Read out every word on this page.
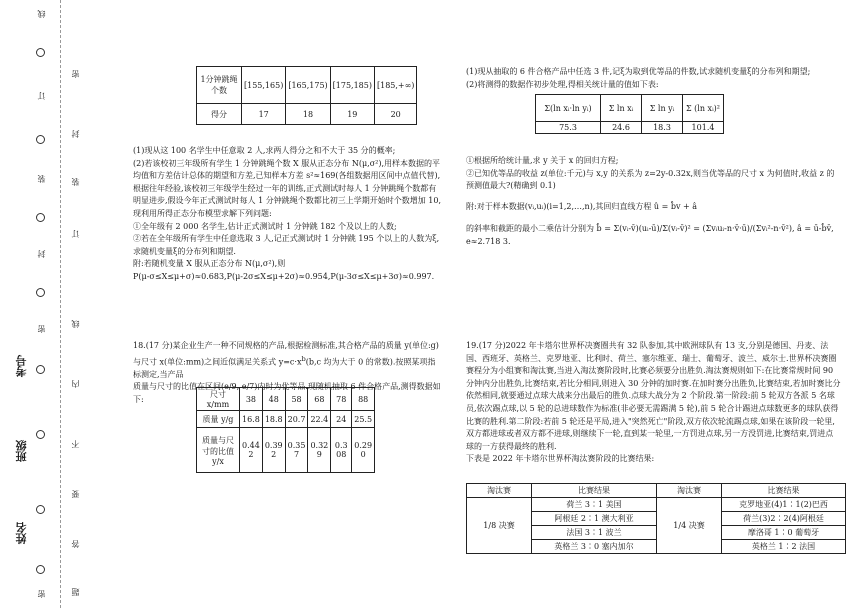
考号
班级
姓名
线
订
装
封
密
密
密
封
装
订
线
内
不
要
答
题
1分钟跳绳个数	[155,165)	[165,175)	[175,185)	[185,+∞)
得分	17	18	19	20

(1)现从这 100 名学生中任意取 2 人,求两人得分之和不大于 35 分的概率;

(2)若该校初三年级所有学生 1 分钟跳绳个数 X 服从正态分布 N(μ,σ²),用样本数据的平均值和方差估计总体的期望和方差,已知样本方差 s²≈169(各组数据用区间中点值代替),根据往年经验,该校初三年级学生经过一年的训练,正式测试时每人 1 分钟跳绳个数都有明显进步,假设今年正式测试时每人 1 分钟跳绳个数都比初三上学期开始时个数增加 10,现利用所得正态分布模型求解下列问题:

①全年级有 2 000 名学生,估计正式测试时 1 分钟跳 182 个及以上的人数;

②若在全年级所有学生中任意选取 3 人,记正式测试时 1 分钟跳 195 个以上的人数为ξ,求随机变量ξ的分布列和期望.

附:若随机变量 X 服从正态分布 N(μ,σ²),则

P(μ-σ≤X≤μ+σ)≈0.683,P(μ-2σ≤X≤μ+2σ)≈0.954,P(μ-3σ≤X≤μ+3σ)≈0.997.

18.(17 分)某企业生产一种不同规格的产品,根据检测标准,其合格产品的质量 y(单位:g)与尺寸 x(单位:mm)之间近似满足关系式 $y=c\cdot x^b(b,c$ 均为大于 0 的常数).按照某项指标测定,当产品

质量与尺寸的比值在区间(e/9, e/7)内时为优等品.现随机抽取 6 件合格产品,测得数据如下:

尺寸 x/mm	38	48	58	68	78	88
质量 y/g	16.8	18.8	20.7	22.4	24	25.5
质量与尺寸的比值y/x	0.442	0.392	0.357	0.329	0.308	0.290

(1)现从抽取的 6 件合格产品中任选 3 件,记ξ为取到优等品的件数,试求随机变量ξ的分布列和期望;

(2)将测得的数据作初步处理,得相关统计量的值如下表:

Σ(ln xᵢ·ln yᵢ)	Σ ln xᵢ	Σ ln yᵢ	Σ (ln xᵢ)²
75.3	24.6	18.3	101.4

①根据所给统计量,求 y 关于 x 的回归方程;

②已知优等品的收益 z(单位:千元)与 x,y 的关系为 z=2y-0.32x,则当优等品的尺寸 x 为何值时,收益 z 的预测值最大?(精确到 0.1)

附:对于样本数据(vᵢ,uᵢ)(i=1,2,…,n),其回归直线方程 û = b̂v + â

的斜率和截距的最小二乘估计分别为 b̂ = Σ(vᵢ-v̄)(uᵢ-ū)/Σ(vᵢ-v̄)² = (Σvᵢuᵢ-n·v̄·ū)/(Σvᵢ²-n·v̄²), â = ū-b̂v̄, e≈2.718 3.

19.(17 分)2022 年卡塔尔世界杯决赛圈共有 32 队参加,其中欧洲球队有 13 支,分别是德国、丹麦、法国、西班牙、英格兰、克罗地亚、比利时、荷兰、塞尔维亚、瑞士、葡萄牙、波兰、威尔士.世界杯决赛圈赛程分为小组赛和淘汰赛,当进入淘汰赛阶段时,比赛必须要分出胜负.淘汰赛规则如下:在比赛常规时间 90 分钟内分出胜负,比赛结束,若比分相同,则进入 30 分钟的加时赛.在加时赛分出胜负,比赛结束,若加时赛比分依然相同,就要通过点球大战来分出最后的胜负.点球大战分为 2 个阶段.第一阶段:前 5 轮双方各派 5 名球员,依次踢点球,以 5 轮的总进球数作为标准(非必要无需踢满 5 轮),前 5 轮合计踢进点球数更多的球队获得比赛的胜利.第二阶段:若前 5 轮还是平局,进入"突然死亡"阶段,双方依次轮流踢点球,如果在该阶段一轮里,双方都进球或者双方都不进球,则继续下一轮,直到某一轮里,一方罚进点球,另一方没罚进,比赛结束,罚进点球的一方获得最终的胜利.

下表是 2022 年卡塔尔世界杯淘汰赛阶段的比赛结果:

淘汰赛	比赛结果	淘汰赛	比赛结果
1/8 决赛	荷兰 3∶1 美国	1/4 决赛	克罗地亚(4)1∶1(2)巴西
	阿根廷 2∶1 澳大利亚		荷兰(3)2∶2(4)阿根廷
	法国 3∶1 波兰		摩洛哥 1∶0 葡萄牙
	英格兰 3∶0 塞内加尔		英格兰 1∶2 法国
